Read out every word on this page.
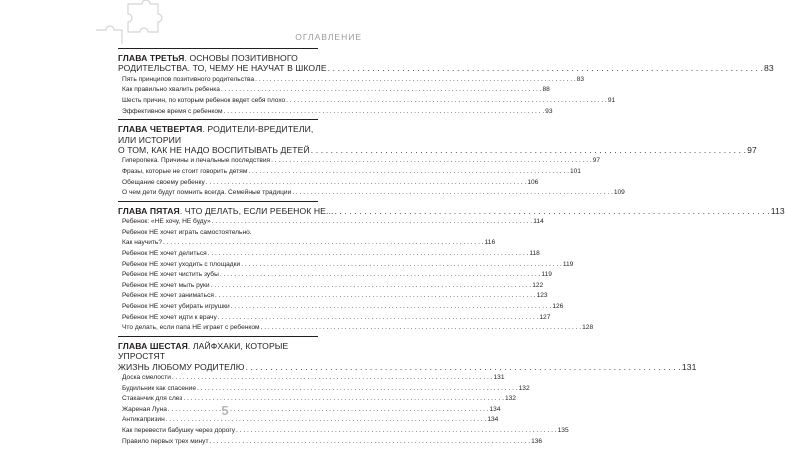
ОГЛАВЛЕНИЕ
ГЛАВА ТРЕТЬЯ. ОСНОВЫ ПОЗИТИВНОГО
РОДИТЕЛЬСТВА. ТО, ЧЕМУ НЕ НАУЧАТ В ШКОЛЕ . . .	83
Пять принципов позитивного родительства . . .	83
Как правильно хвалить ребенка . . .	88
Шесть причин, по которым ребенок ведет себя плохо . . .	91
Эффективное время с ребенком . . .	93
ГЛАВА ЧЕТВЕРТАЯ. РОДИТЕЛИ-ВРЕДИТЕЛИ, ИЛИ ИСТОРИИ
О ТОМ, КАК НЕ НАДО ВОСПИТЫВАТЬ ДЕТЕЙ . . .	97
Гиперопека. Причины и печальные последствия . . .	97
Фразы, которые не стоит говорить детям . . .	101
Обещание своему ребенку . . .	106
О чем дети будут помнить всегда. Семейные традиции . . .	109
ГЛАВА ПЯТАЯ. ЧТО ДЕЛАТЬ, ЕСЛИ РЕБЕНОК НЕ... . . .	113
Ребенок: «НЕ хочу, НЕ буду» . . .	114
Ребенок НЕ хочет играть самостоятельно.
Как научить? . . .	116
Ребенок НЕ хочет делиться . . .	118
Ребенок НЕ хочет уходить с площадки . . .	119
Ребенок НЕ хочет чистить зубы . . .	119
Ребенок НЕ хочет мыть руки . . .	122
Ребенок НЕ хочет заниматься . . .	123
Ребенок НЕ хочет убирать игрушки . . .	126
Ребенок НЕ хочет идти к врачу . . .	127
Что делать, если папа НЕ играет с ребенком . . .	128
ГЛАВА ШЕСТАЯ. ЛАЙФХАКИ, КОТОРЫЕ УПРОСТЯТ
ЖИЗНЬ ЛЮБОМУ РОДИТЕЛЮ . . .	131
Доска смелости . . .	131
Будильник как спасение . . .	132
Стаканчик для слез . . .	132
Жареная Луна . . .	134
Антикапризин . . .	134
Как перевести бабушку через дорогу . . .	135
Правило первых трех минут . . .	136
5
